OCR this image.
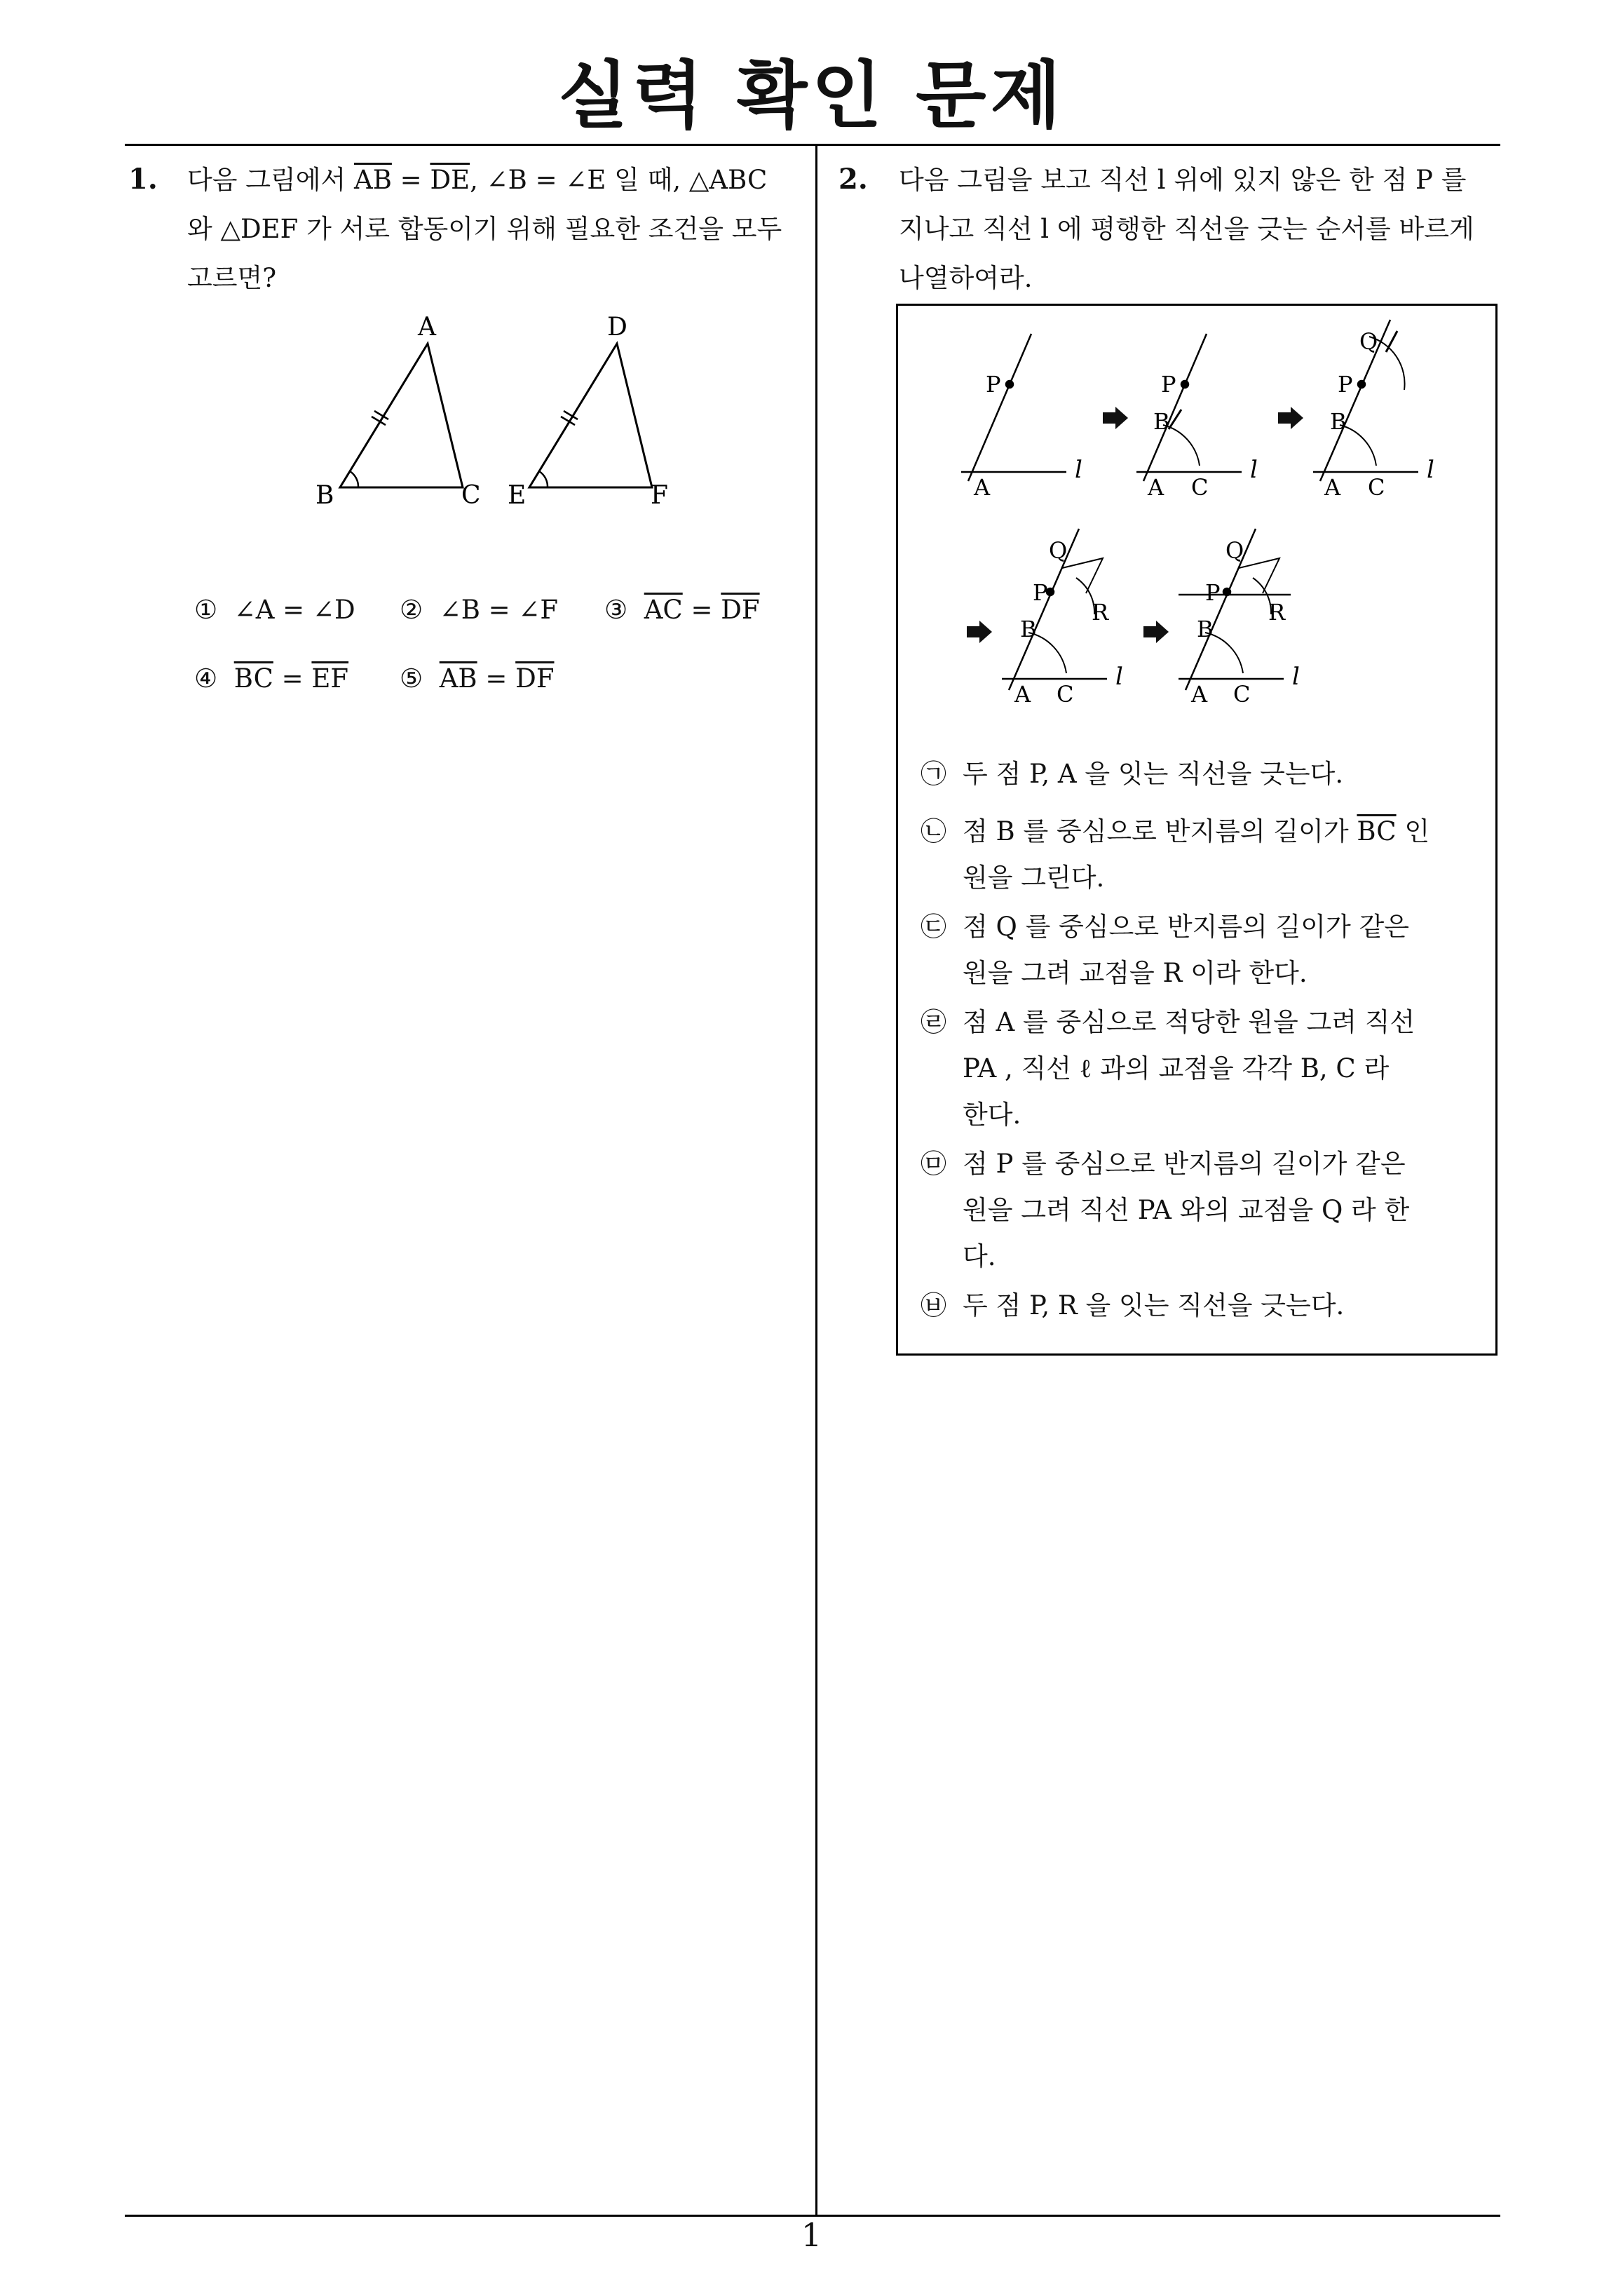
실력 확인 문제
1. 다음 그림에서 $\overline{AB} = \overline{DE}$, ∠B = ∠E 일 때, △ABC
와 △DEF 가 서로 합동이기 위해 필요한 조건을 모두
고르면?
A
B	C
D
E	F
① ∠A = ∠D ② ∠B = ∠F ③ $\overline{AC} = \overline{DF}$
④ $\overline{BC} = \overline{EF}$ ⑤ $\overline{AB} = \overline{DF}$
2. 다음 그림을 보고 직선 l 위에 있지 않은 한 점 P 를
지나고 직선 l 에 평행한 직선을 긋는 순서를 바르게
나열하여라.
P
A
l
P
B
A C
l
Q
P
B
A C
l
Q
P
R
B
A C
l
Q
P
R
B
A C
l
㉠ 두 점 P, A 을 잇는 직선을 긋는다.
㉡ 점 B 를 중심으로 반지름의 길이가 $\overline{BC}$ 인
원을 그린다.
㉢ 점 Q 를 중심으로 반지름의 길이가 같은
원을 그려 교점을 R 이라 한다.
㉣ 점 A 를 중심으로 적당한 원을 그려 직선
PA , 직선 ℓ 과의 교점을 각각 B, C 라
한다.
㉤ 점 P 를 중심으로 반지름의 길이가 같은
원을 그려 직선 PA 와의 교점을 Q 라 한
다.
㉥ 두 점 P, R 을 잇는 직선을 긋는다.
1
